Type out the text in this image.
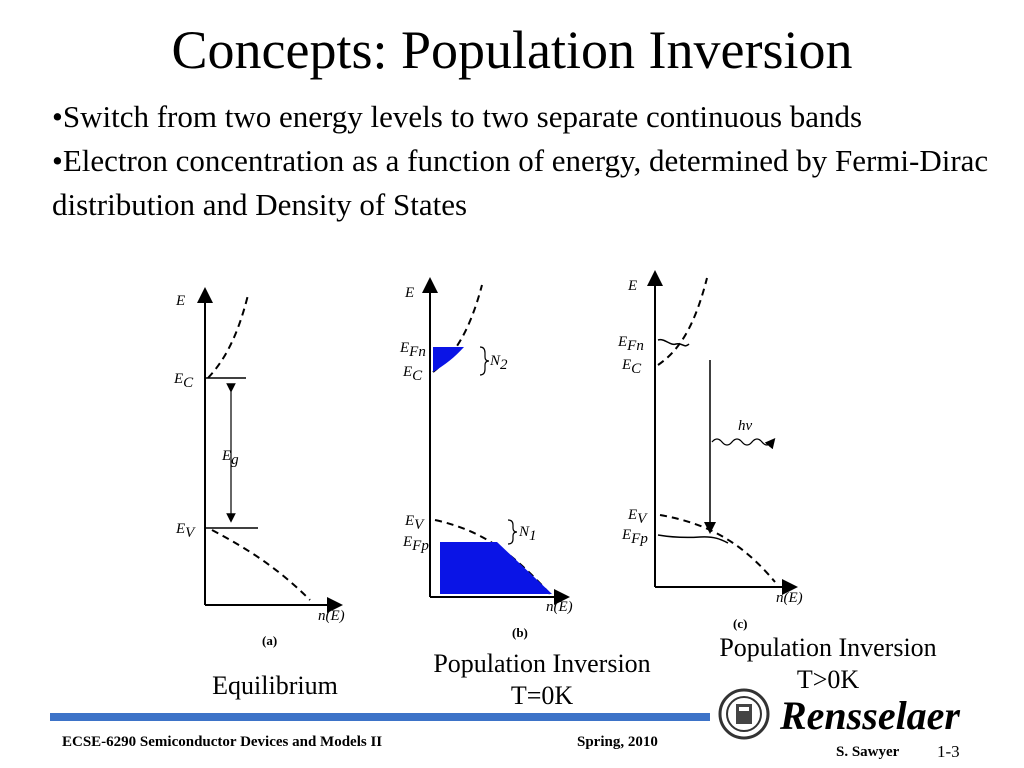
Concepts: Population Inversion

•Switch from two energy levels to two separate continuous bands

•Electron concentration as a function of energy, determined by Fermi-Dirac distribution and Density of States

E
EC
Eg
EV
n(E)
(a)
E
EFn
EC
N2
EV
EFp
N1
n(E)
(b)
hν
E
EFn
EC
EV
EFp
n(E)
(c)
Equilibrium
Population Inversion
T=0K
Population Inversion
T>0K
ECSE-6290 Semiconductor Devices and Models II	Spring, 2010
S. Sawyer 1-3
Rensselaer
